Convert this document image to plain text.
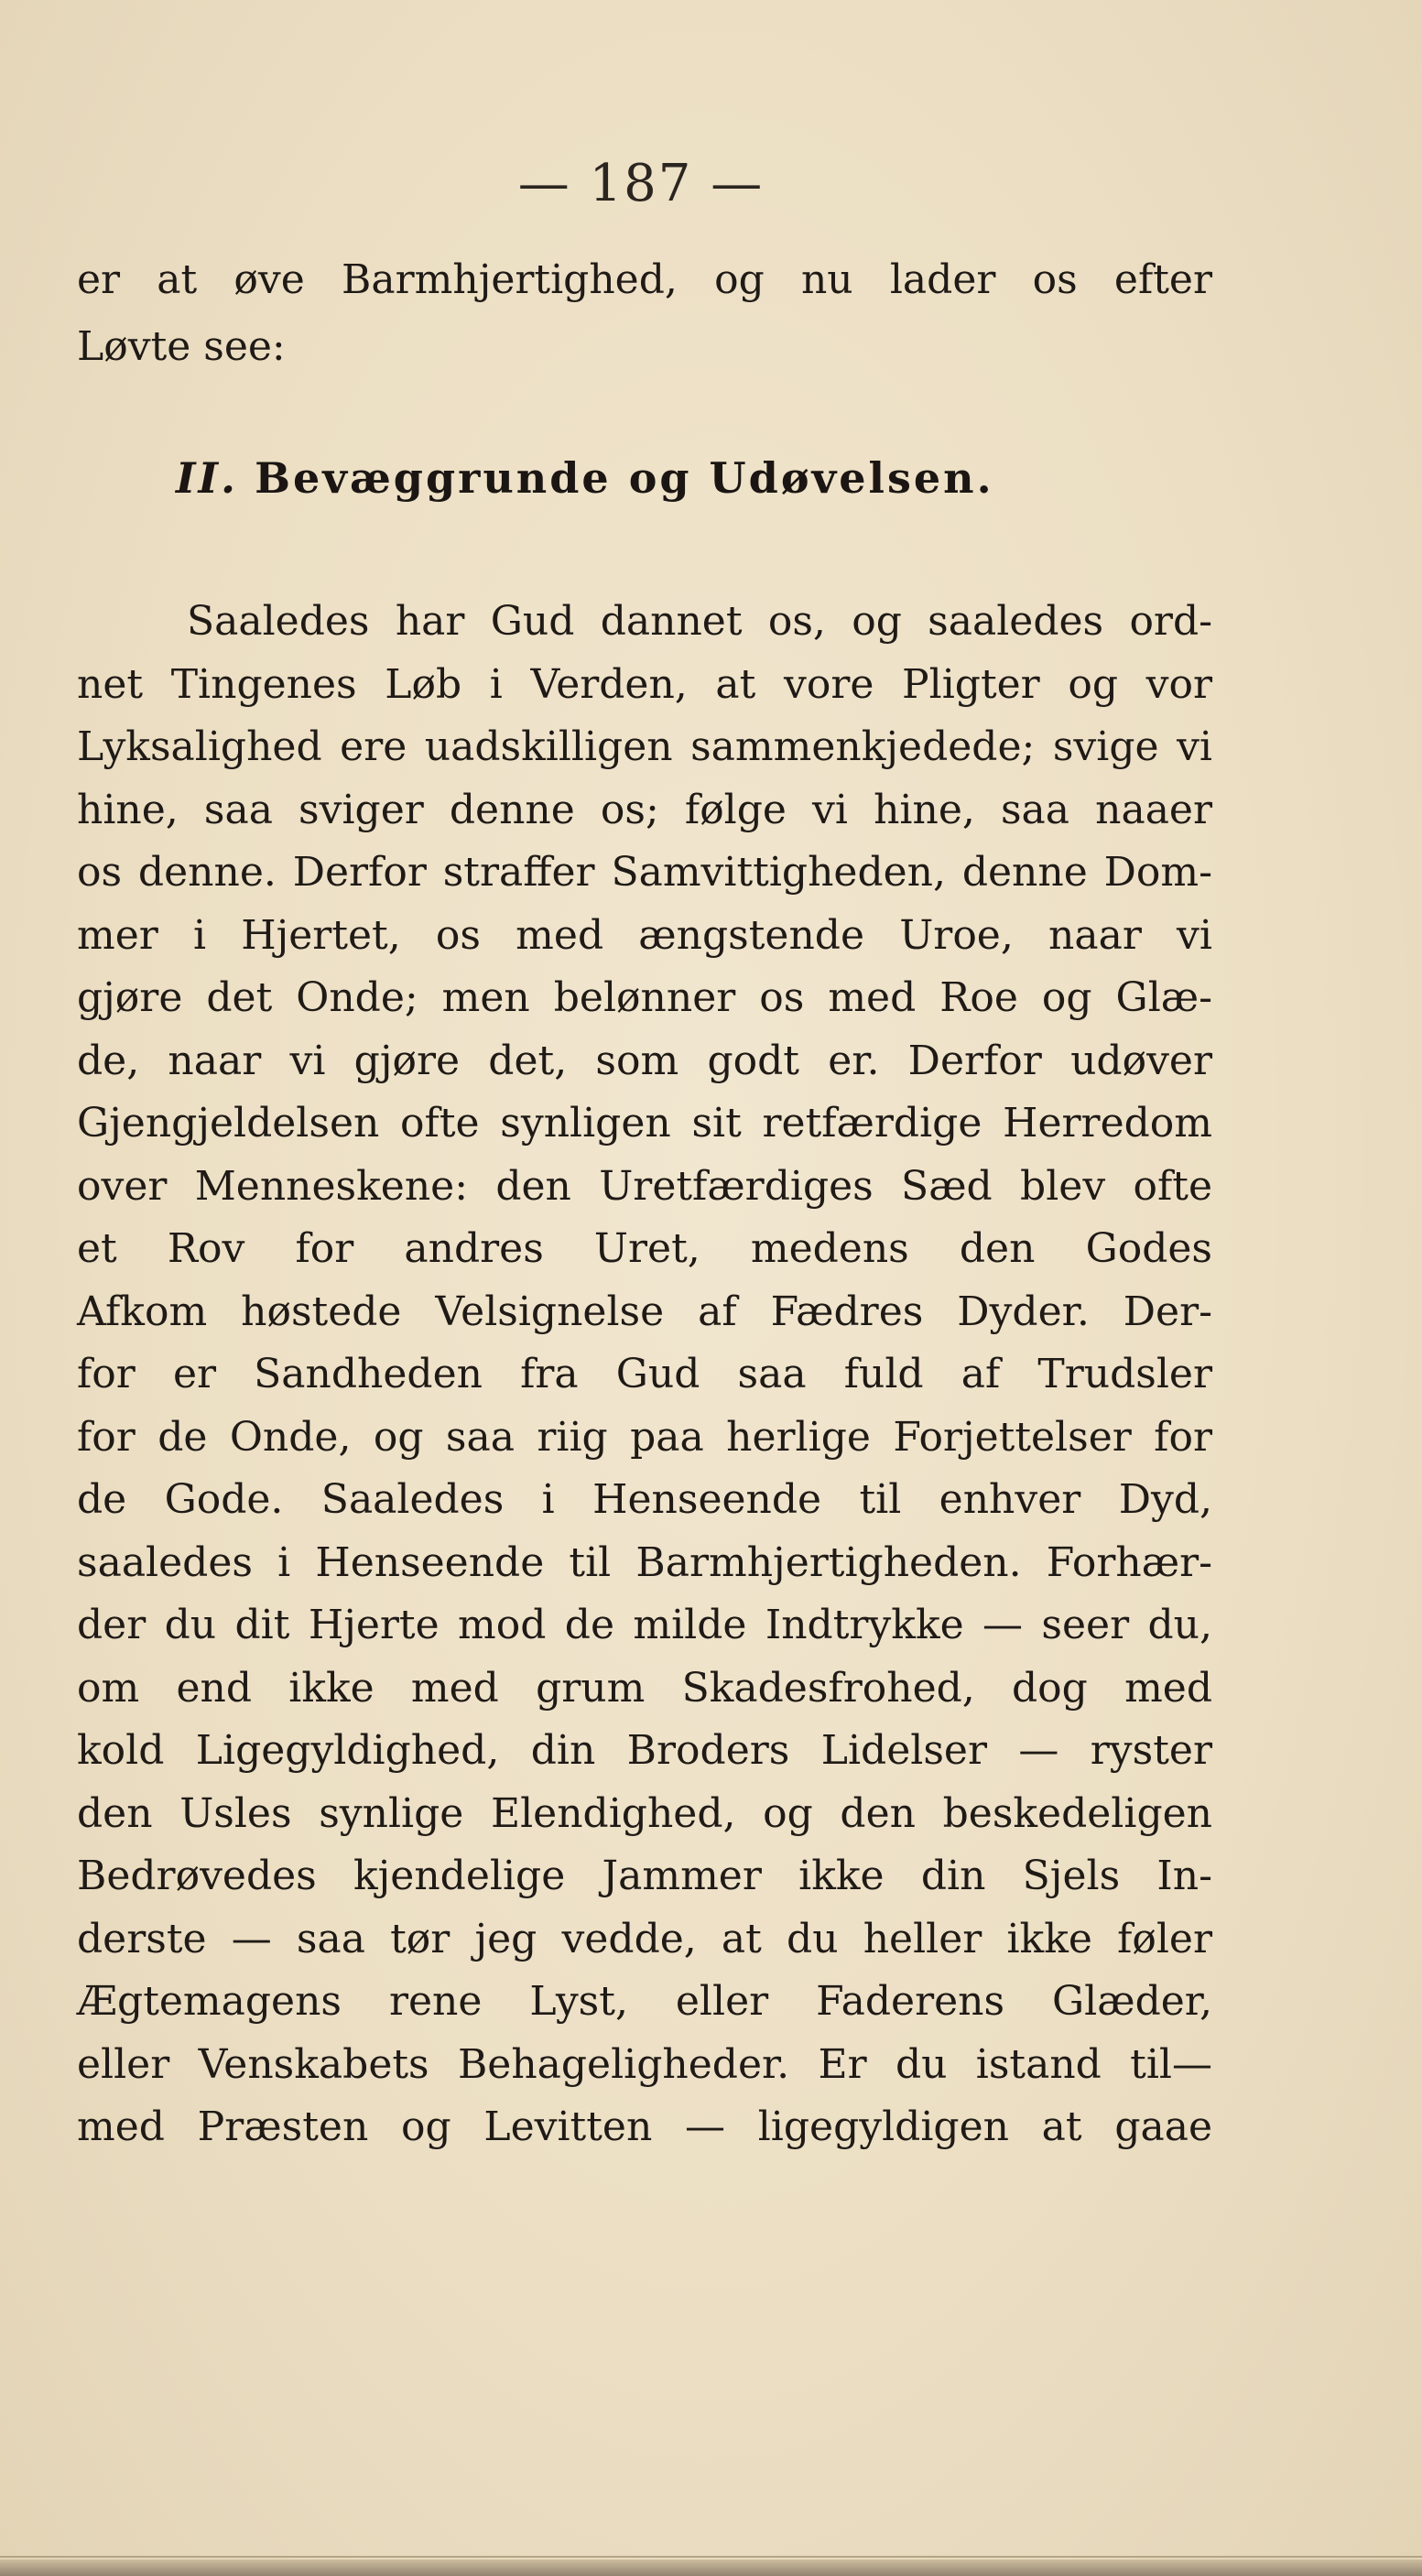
— 187 —
er at øve Barmhjertighed, og nu lader os efter
Løvte see:
II. Bevæggrunde og Udøvelsen.
Saaledes har Gud dannet os, og saaledes ord-
net Tingenes Løb i Verden, at vore Pligter og vor
Lyksalighed ere uadskilligen sammenkjedede; svige vi
hine, saa sviger denne os; følge vi hine, saa naaer
os denne. Derfor straffer Samvittigheden, denne Dom-
mer i Hjertet, os med ængstende Uroe, naar vi
gjøre det Onde; men belønner os med Roe og Glæ-
de, naar vi gjøre det, som godt er. Derfor udøver
Gjengjeldelsen ofte synligen sit retfærdige Herredom
over Menneskene: den Uretfærdiges Sæd blev ofte
et Rov for andres Uret, medens den Godes
Afkom høstede Velsignelse af Fædres Dyder. Der-
for er Sandheden fra Gud saa fuld af Trudsler
for de Onde, og saa riig paa herlige Forjettelser for
de Gode. Saaledes i Henseende til enhver Dyd,
saaledes i Henseende til Barmhjertigheden. Forhær-
der du dit Hjerte mod de milde Indtrykke — seer du,
om end ikke med grum Skadesfrohed, dog med
kold Ligegyldighed, din Broders Lidelser — ryster
den Usles synlige Elendighed, og den beskedeligen
Bedrøvedes kjendelige Jammer ikke din Sjels In-
derste — saa tør jeg vedde, at du heller ikke føler
Ægtemagens rene Lyst, eller Faderens Glæder,
eller Venskabets Behageligheder. Er du istand til—
med Præsten og Levitten — ligegyldigen at gaae
